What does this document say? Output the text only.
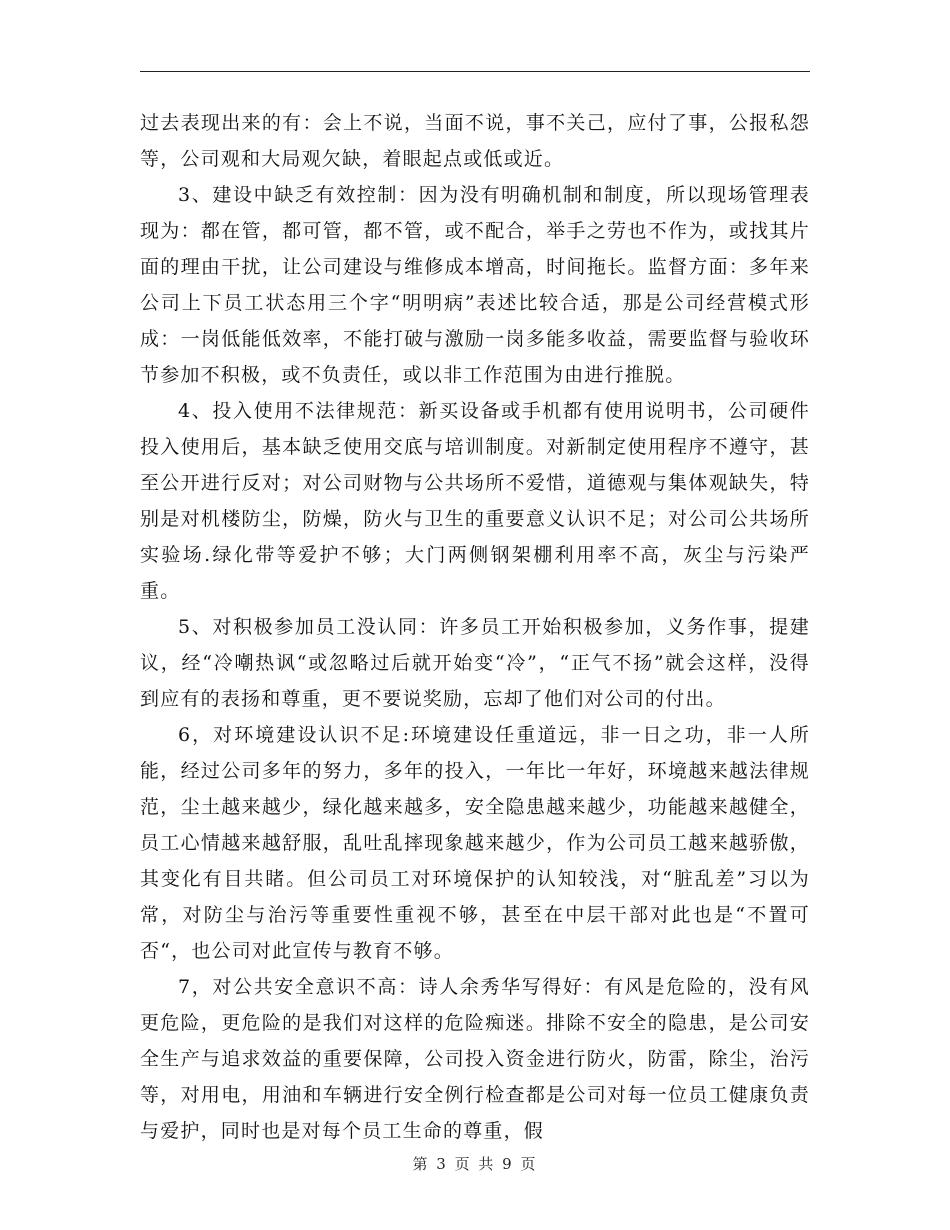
过去表现出来的有：会上不说，当面不说，事不关己，应付了事，公报私怨等，公司观和大局观欠缺，着眼起点或低或近。

3、建设中缺乏有效控制：因为没有明确机制和制度，所以现场管理表现为：都在管，都可管，都不管，或不配合，举手之劳也不作为，或找其片面的理由干扰，让公司建设与维修成本增高，时间拖长。监督方面：多年来公司上下员工状态用三个字“明明病”表述比较合适，那是公司经营模式形成：一岗低能低效率，不能打破与激励一岗多能多收益，需要监督与验收环节参加不积极，或不负责任，或以非工作范围为由进行推脱。

4、投入使用不法律规范：新买设备或手机都有使用说明书，公司硬件投入使用后，基本缺乏使用交底与培训制度。对新制定使用程序不遵守，甚至公开进行反对；对公司财物与公共场所不爱惜，道德观与集体观缺失，特别是对机楼防尘，防燥，防火与卫生的重要意义认识不足；对公司公共场所实验场.绿化带等爱护不够；大门两侧钢架棚利用率不高，灰尘与污染严重。

5、对积极参加员工没认同：许多员工开始积极参加，义务作事，提建议，经“冷嘲热讽“或忽略过后就开始变“冷”，“正气不扬”就会这样，没得到应有的表扬和尊重，更不要说奖励，忘却了他们对公司的付出。

6，对环境建设认识不足:环境建设任重道远，非一日之功，非一人所能，经过公司多年的努力，多年的投入，一年比一年好，环境越来越法律规范，尘土越来越少，绿化越来越多，安全隐患越来越少，功能越来越健全，员工心情越来越舒服，乱吐乱摔现象越来越少，作为公司员工越来越骄傲，其变化有目共睹。但公司员工对环境保护的认知较浅，对“脏乱差”习以为常，对防尘与治污等重要性重视不够，甚至在中层干部对此也是“不置可否“，也公司对此宣传与教育不够。

7，对公共安全意识不高：诗人余秀华写得好：有风是危险的，没有风更危险，更危险的是我们对这样的危险痴迷。排除不安全的隐患，是公司安全生产与追求效益的重要保障，公司投入资金进行防火，防雷，除尘，治污等，对用电，用油和车辆进行安全例行检查都是公司对每一位员工健康负责与爱护，同时也是对每个员工生命的尊重，假

第 3 页 共 9 页
